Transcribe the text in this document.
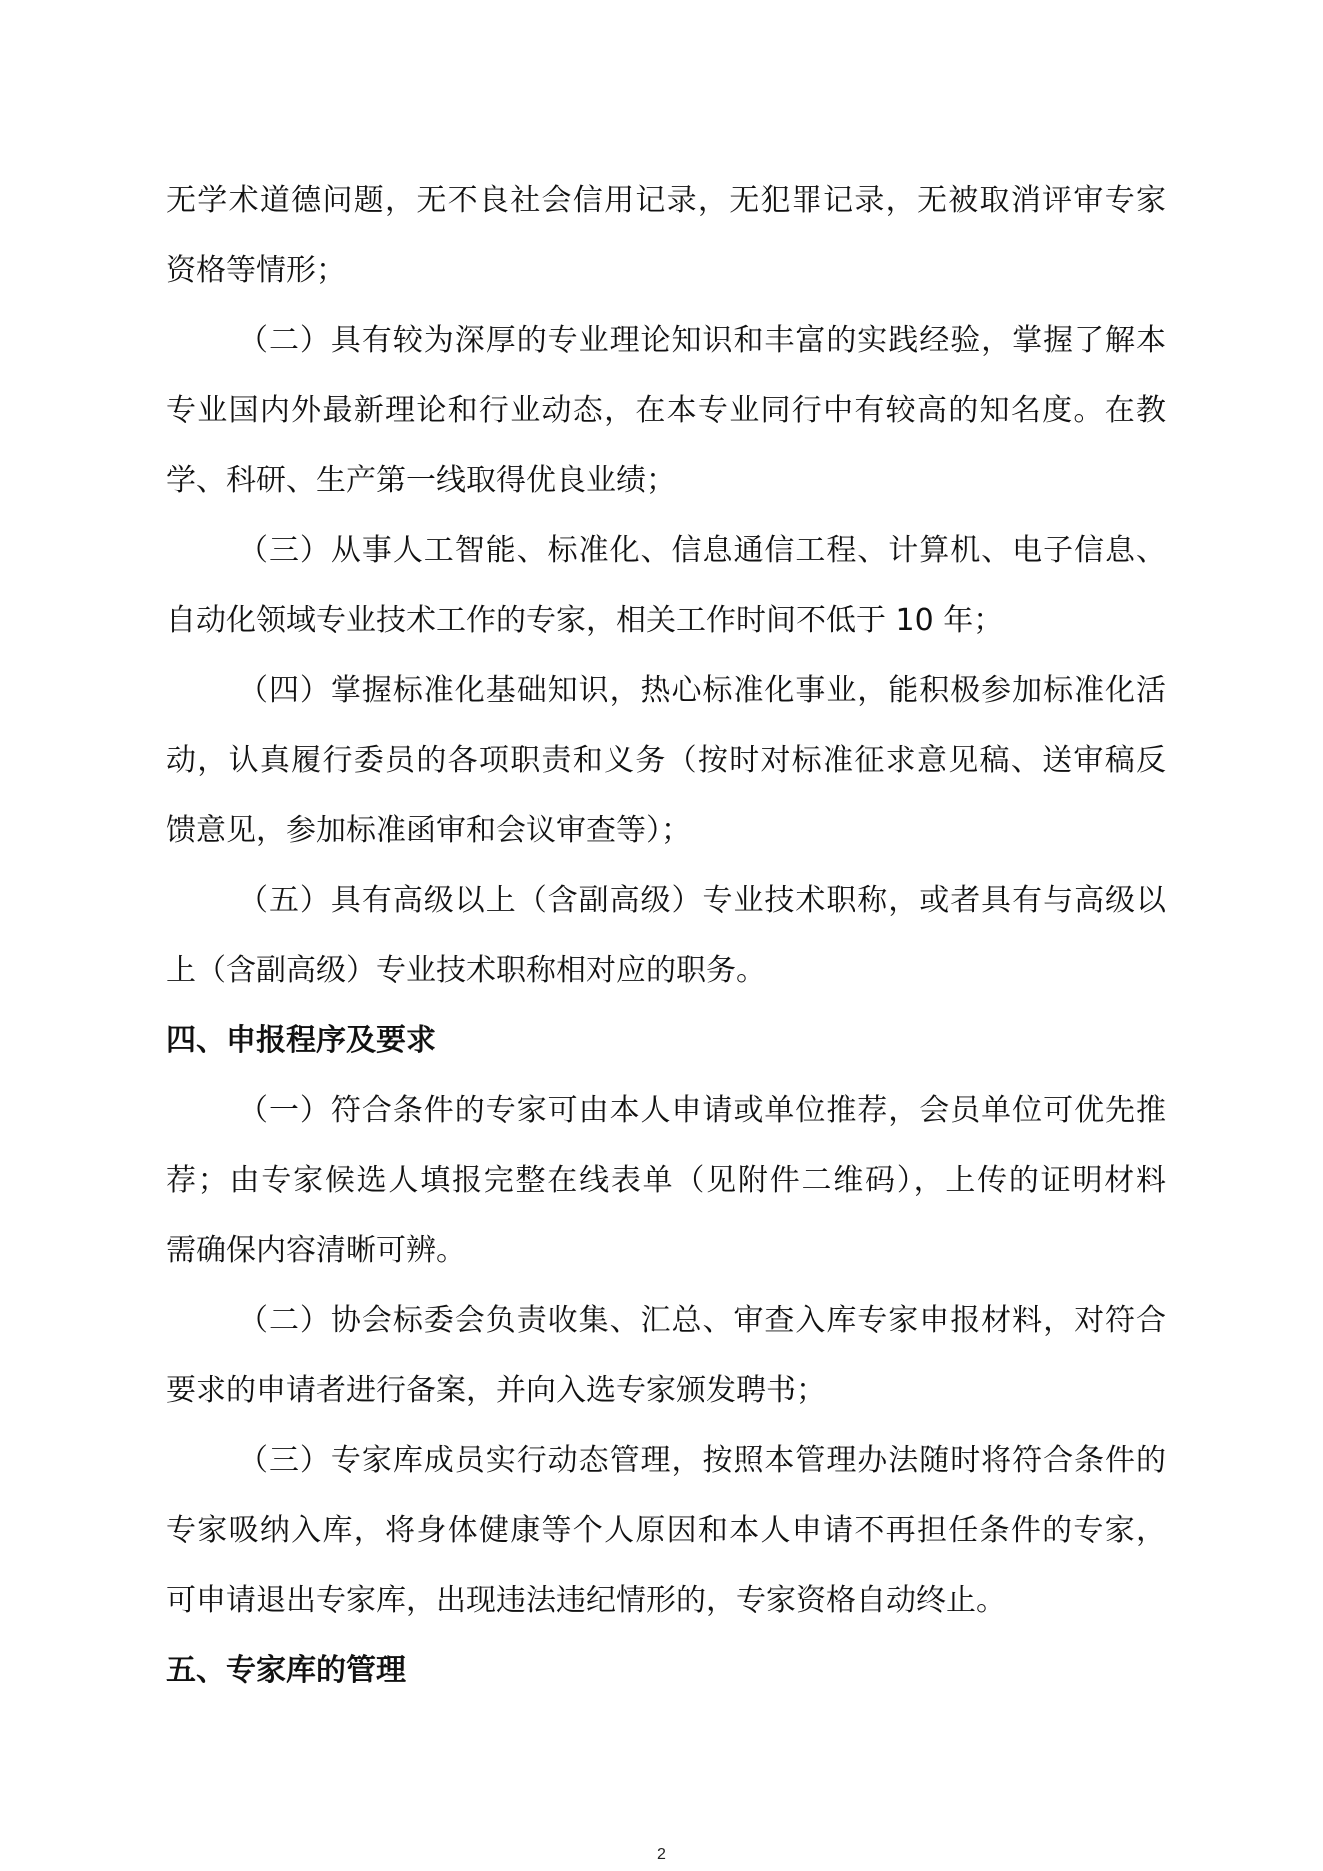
无学术道德问题，无不良社会信用记录，无犯罪记录，无被取消评审专家
资格等情形；
（二）具有较为深厚的专业理论知识和丰富的实践经验，掌握了解本
专业国内外最新理论和行业动态，在本专业同行中有较高的知名度。在教
学、科研、生产第一线取得优良业绩；
（三）从事人工智能、标准化、信息通信工程、计算机、电子信息、
自动化领域专业技术工作的专家，相关工作时间不低于 10 年；
（四）掌握标准化基础知识，热心标准化事业，能积极参加标准化活
动，认真履行委员的各项职责和义务（按时对标准征求意见稿、送审稿反
馈意见，参加标准函审和会议审查等）；
（五）具有高级以上（含副高级）专业技术职称，或者具有与高级以
上（含副高级）专业技术职称相对应的职务。
四、申报程序及要求
（一）符合条件的专家可由本人申请或单位推荐，会员单位可优先推
荐；由专家候选人填报完整在线表单（见附件二维码），上传的证明材料
需确保内容清晰可辨。
（二）协会标委会负责收集、汇总、审查入库专家申报材料，对符合
要求的申请者进行备案，并向入选专家颁发聘书；
（三）专家库成员实行动态管理，按照本管理办法随时将符合条件的
专家吸纳入库，将身体健康等个人原因和本人申请不再担任条件的专家，
可申请退出专家库，出现违法违纪情形的，专家资格自动终止。
五、专家库的管理
2
